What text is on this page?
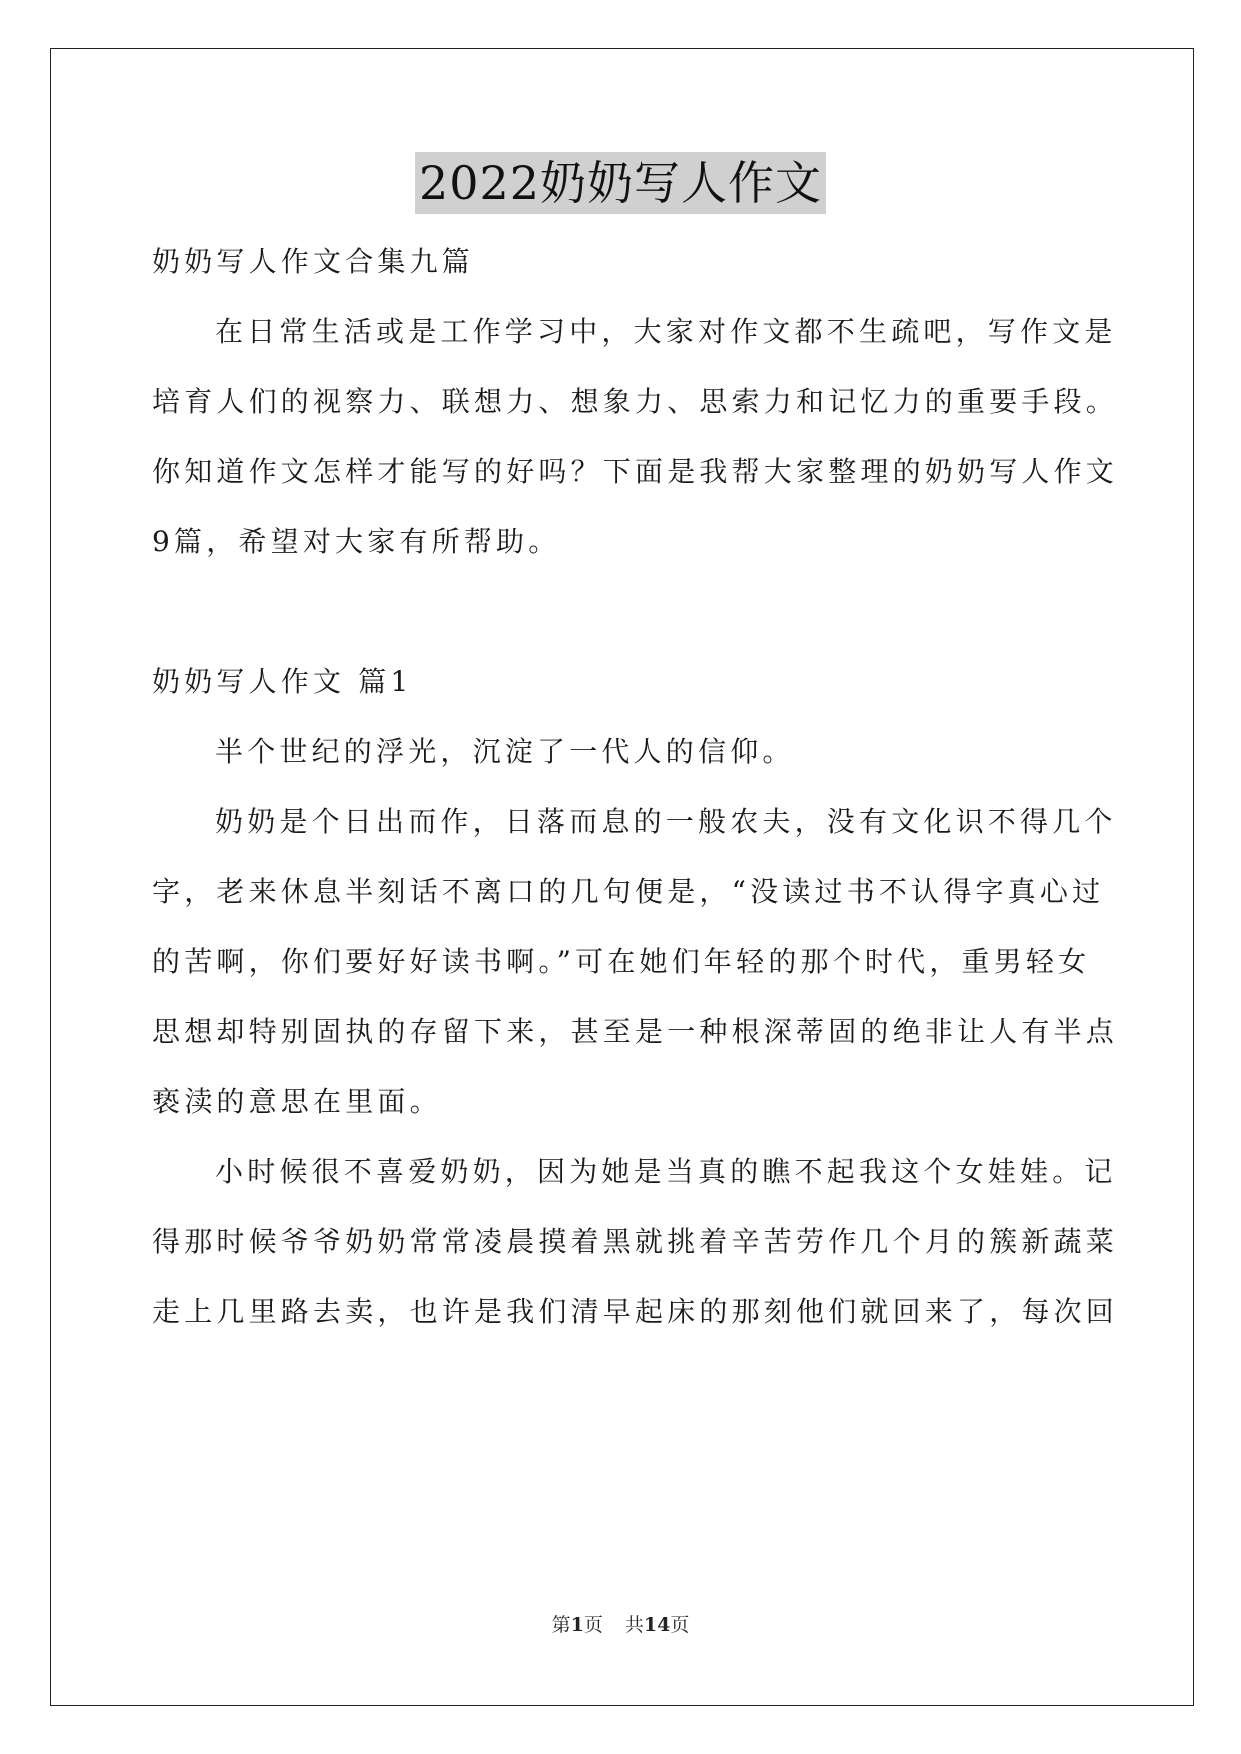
2022奶奶写人作文
奶奶写人作文合集九篇
在日常生活或是工作学习中，大家对作文都不生疏吧，写作文是
培育人们的视察力、联想力、想象力、思索力和记忆力的重要手段。
你知道作文怎样才能写的好吗？下面是我帮大家整理的奶奶写人作文
9篇，希望对大家有所帮助。
奶奶写人作文 篇1
半个世纪的浮光，沉淀了一代人的信仰。
奶奶是个日出而作，日落而息的一般农夫，没有文化识不得几个
字，老来休息半刻话不离口的几句便是，“没读过书不认得字真心过
的苦啊，你们要好好读书啊。”可在她们年轻的那个时代，重男轻女
思想却特别固执的存留下来，甚至是一种根深蒂固的绝非让人有半点
亵渎的意思在里面。
小时候很不喜爱奶奶，因为她是当真的瞧不起我这个女娃娃。记
得那时候爷爷奶奶常常凌晨摸着黑就挑着辛苦劳作几个月的簇新蔬菜
走上几里路去卖，也许是我们清早起床的那刻他们就回来了，每次回
第1页 共14页
